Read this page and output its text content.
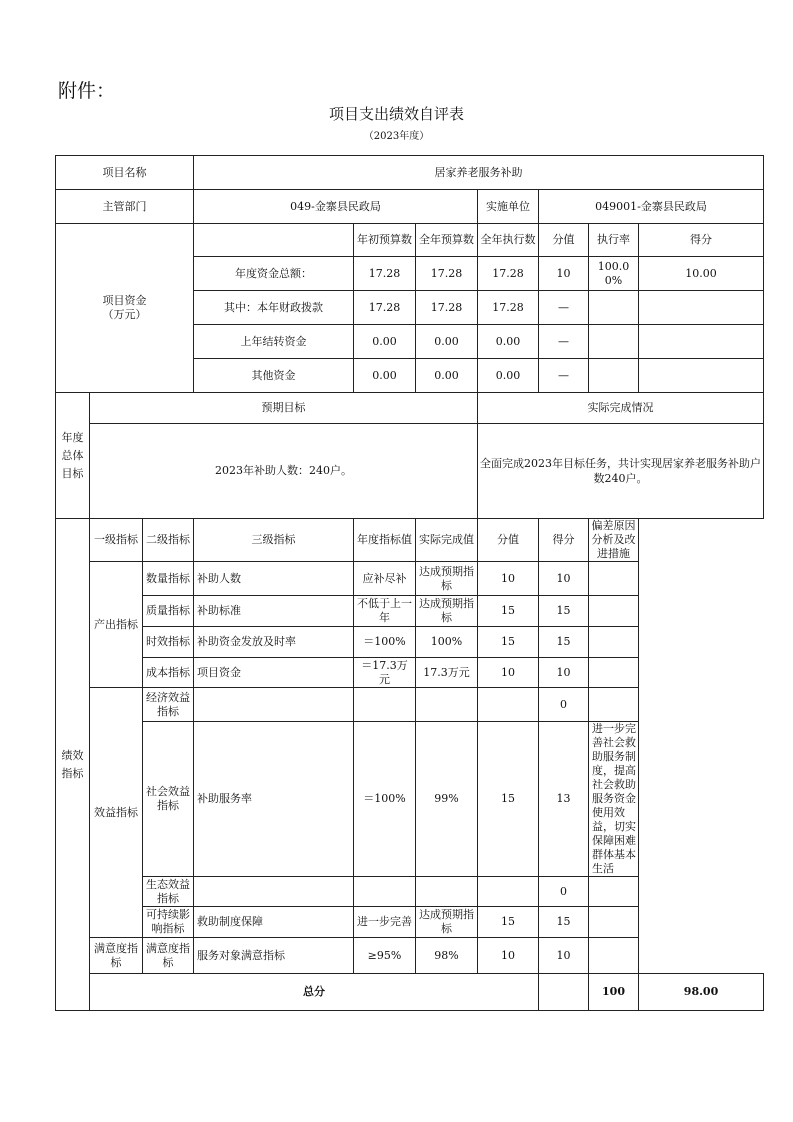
附件：
项目支出绩效自评表
（2023年度）
项目名称			居家养老服务补助							
主管部门			049-金寨县民政局			实施单位	049001-金寨县民政局			
项目资金
（万元）				年初预算数	全年预算数	全年执行数	分值	执行率	得分	
			年度资金总额：	17.28	17.28	17.28	10	100.00%	10.00	
			其中：本年财政拨款	17.28	17.28	17.28	—			
			上年结转资金	0.00	0.00	0.00	—			
			其他资金	0.00	0.00	0.00	—			
年度总体目标	预期目标					实际完成情况				
	2023年补助人数：240户。					全面完成2023年目标任务，共计实现居家养老服务补助户数240户。				
绩效指标	一级指标	二级指标	三级指标	年度指标值	实际完成值	分值	得分	偏差原因分析及改进措施		
	产出指标	数量指标	补助人数	应补尽补	达成预期指标	10	10			
		质量指标	补助标准	不低于上一年	达成预期指标	15	15			
		时效指标	补助资金发放及时率	＝100%	100%	15	15			
		成本指标	项目资金	＝17.3万元	17.3万元	10	10			
	效益指标	经济效益指标					0			
		社会效益指标	补助服务率	＝100%	99%	15	13	进一步完善社会救助服务制度，提高社会救助服务资金使用效益，切实保障困难群体基本生活		
		生态效益指标					0			
		可持续影响指标	救助制度保障	进一步完善	达成预期指标	15	15			
	满意度指标	满意度指标	服务对象满意指标	≥95%	98%	10	10			
	总分							100	98.00	
